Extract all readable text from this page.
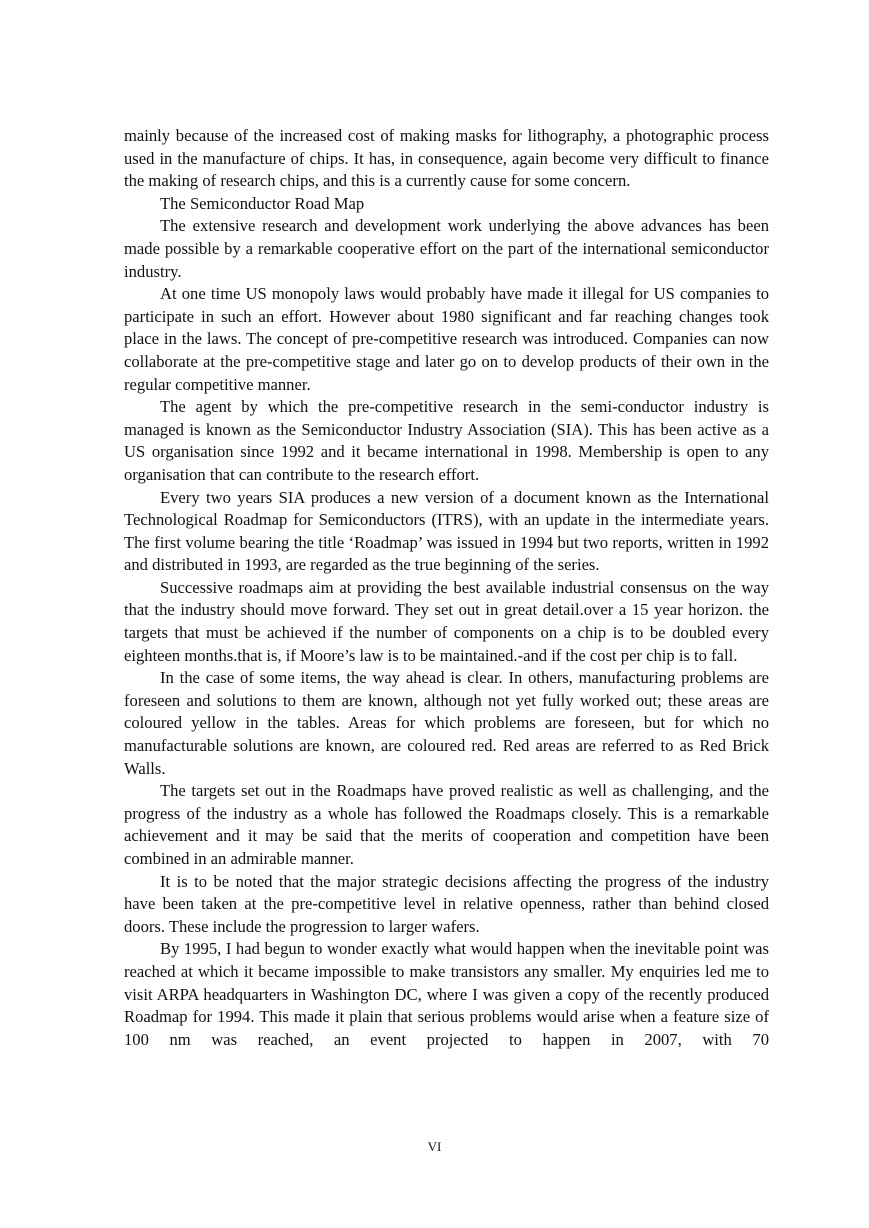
mainly because of the increased cost of making masks for lithography, a photographic process used in the manufacture of chips. It has, in consequence, again become very difficult to finance the making of research chips, and this is a currently cause for some concern.

The Semiconductor Road Map

The extensive research and development work underlying the above advances has been made possible by a remarkable cooperative effort on the part of the international semiconductor industry.

At one time US monopoly laws would probably have made it illegal for US companies to participate in such an effort. However about 1980 significant and far reaching changes took place in the laws. The concept of pre-competitive research was introduced. Companies can now collaborate at the pre-competitive stage and later go on to develop products of their own in the regular competitive manner.

The agent by which the pre-competitive research in the semi-conductor industry is managed is known as the Semiconductor Industry Association (SIA). This has been active as a US organisation since 1992 and it became international in 1998. Membership is open to any organisation that can contribute to the research effort.

Every two years SIA produces a new version of a document known as the International Technological Roadmap for Semiconductors (ITRS), with an update in the intermediate years. The first volume bearing the title ‘Roadmap’ was issued in 1994 but two reports, written in 1992 and distributed in 1993, are regarded as the true beginning of the series.

Successive roadmaps aim at providing the best available industrial consensus on the way that the industry should move forward. They set out in great detail.over a 15 year horizon. the targets that must be achieved if the number of components on a chip is to be doubled every eighteen months.that is, if Moore’s law is to be maintained.-and if the cost per chip is to fall.

In the case of some items, the way ahead is clear. In others, manufacturing problems are foreseen and solutions to them are known, although not yet fully worked out; these areas are coloured yellow in the tables. Areas for which problems are foreseen, but for which no manufacturable solutions are known, are coloured red. Red areas are referred to as Red Brick Walls.

The targets set out in the Roadmaps have proved realistic as well as challenging, and the progress of the industry as a whole has followed the Roadmaps closely. This is a remarkable achievement and it may be said that the merits of cooperation and competition have been combined in an admirable manner.

It is to be noted that the major strategic decisions affecting the progress of the industry have been taken at the pre-competitive level in relative openness, rather than behind closed doors. These include the progression to larger wafers.

By 1995, I had begun to wonder exactly what would happen when the inevitable point was reached at which it became impossible to make transistors any smaller. My enquiries led me to visit ARPA headquarters in Washington DC, where I was given a copy of the recently produced Roadmap for 1994. This made it plain that serious problems would arise when a feature size of 100 nm was reached, an event projected to happen in 2007, with 70

VI
